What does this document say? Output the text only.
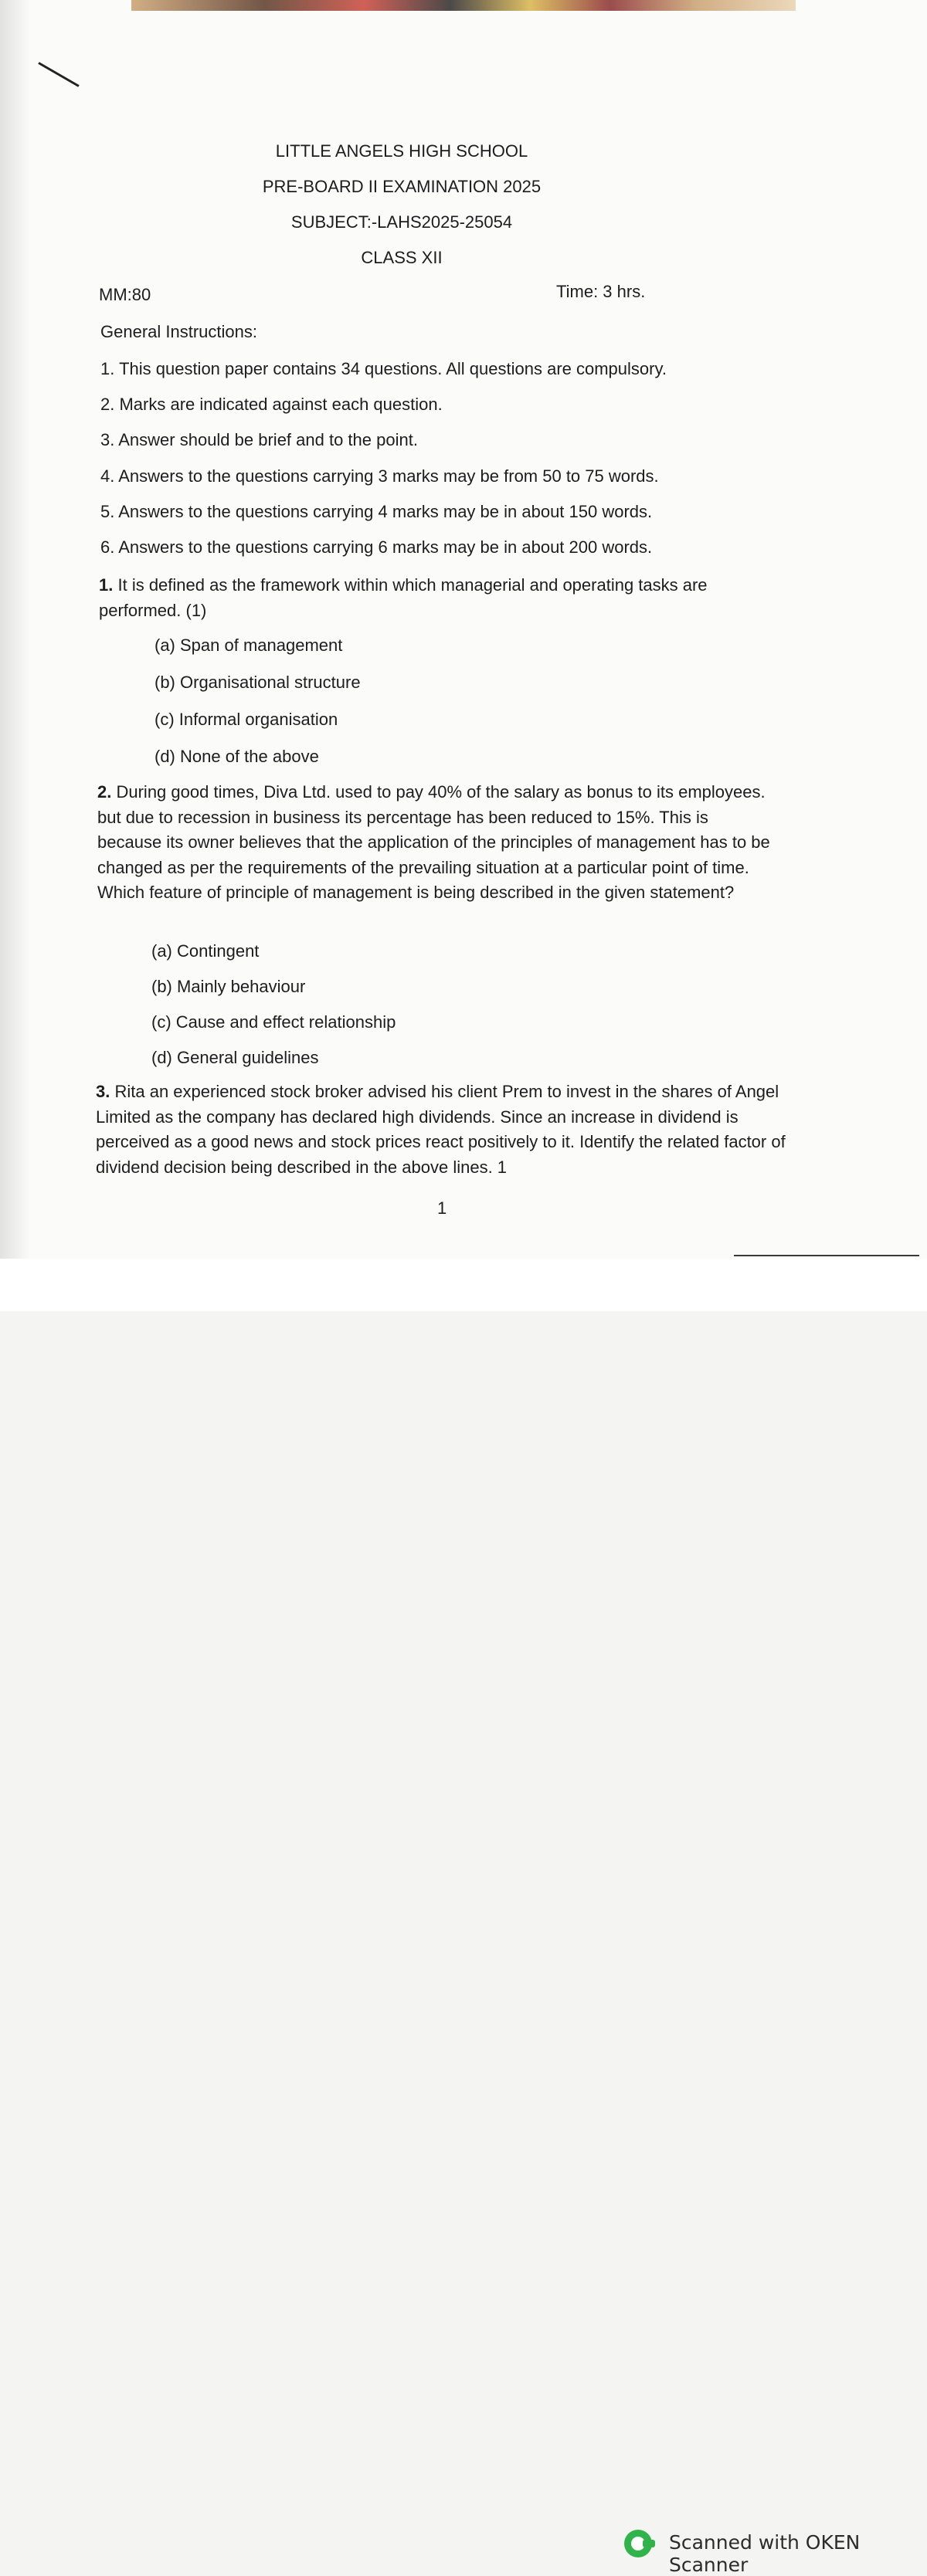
LITTLE ANGELS HIGH SCHOOL
PRE-BOARD II EXAMINATION 2025
SUBJECT:-LAHS2025-25054
CLASS XII
MM:80	Time: 3 hrs.
General Instructions:
1. This question paper contains 34 questions. All questions are compulsory.
2. Marks are indicated against each question.
3. Answer should be brief and to the point.
4. Answers to the questions carrying 3 marks may be from 50 to 75 words.
5. Answers to the questions carrying 4 marks may be in about 150 words.
6. Answers to the questions carrying 6 marks may be in about 200 words.
1. It is defined as the framework within which managerial and operating tasks are performed. (1)
(a) Span of management
(b) Organisational structure
(c) Informal organisation
(d) None of the above
2. During good times, Diva Ltd. used to pay 40% of the salary as bonus to its employees. but due to recession in business its percentage has been reduced to 15%. This is because its owner believes that the application of the principles of management has to be changed as per the requirements of the prevailing situation at a particular point of time. Which feature of principle of management is being described in the given statement?
(a) Contingent
(b) Mainly behaviour
(c) Cause and effect relationship
(d) General guidelines
3. Rita an experienced stock broker advised his client Prem to invest in the shares of Angel Limited as the company has declared high dividends. Since an increase in dividend is perceived as a good news and stock prices react positively to it. Identify the related factor of dividend decision being described in the above lines. 1
1
Scanned with OKEN Scanner
